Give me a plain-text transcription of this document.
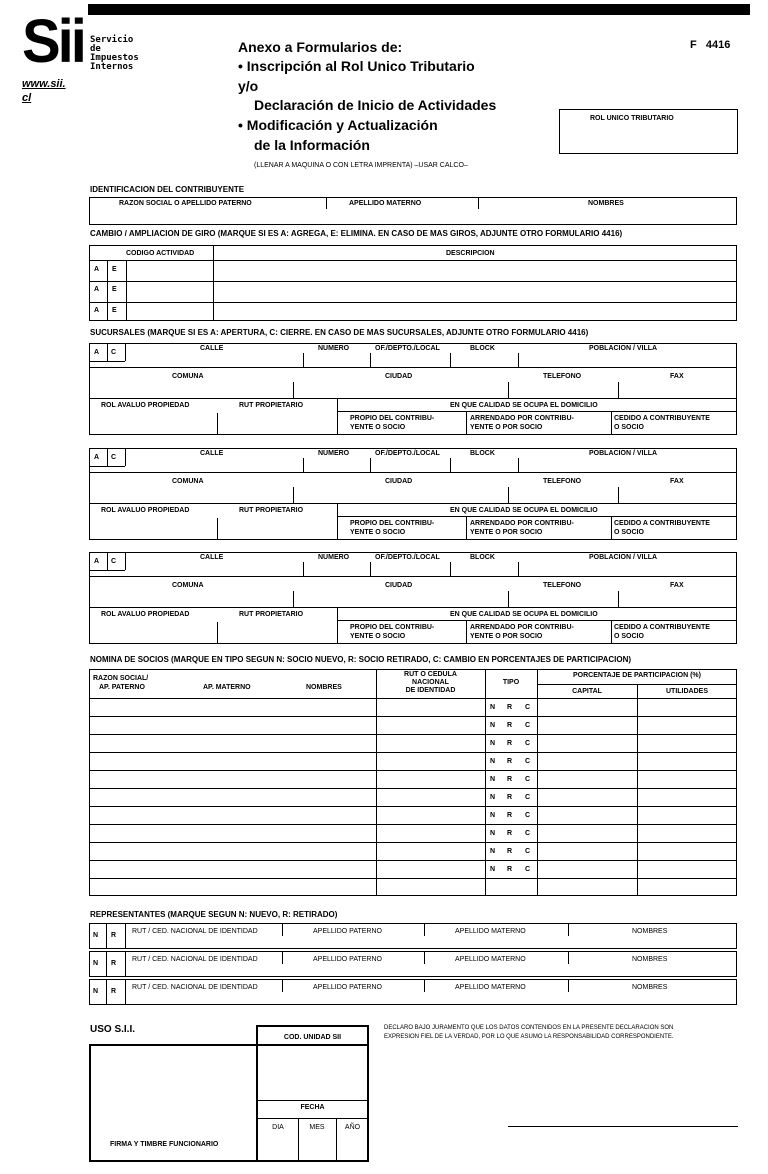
Sii
www.sii.
cl
Servicio
de
Impuestos
Internos
Anexo a Formularios de:
• Inscripción al Rol Unico Tributario
y/o
Declaración de Inicio de Actividades
• Modificación y Actualización
de la Información
(LLENAR A MAQUINA O CON LETRA IMPRENTA) –USAR CALCO–
F   4416
ROL UNICO TRIBUTARIO
IDENTIFICACION DEL CONTRIBUYENTE
RAZON SOCIAL O APELLIDO PATERNO	APELLIDO MATERNO	NOMBRES
CAMBIO / AMPLIACION DE GIRO (MARQUE SI ES A: AGREGA, E: ELIMINA. EN CASO DE MAS GIROS, ADJUNTE OTRO FORMULARIO 4416)
CODIGO ACTIVIDAD	DESCRIPCION
A E
A E
A E
SUCURSALES (MARQUE SI ES A: APERTURA, C: CIERRE. EN CASO DE MAS SUCURSALES, ADJUNTE OTRO FORMULARIO 4416)
A C
CALLE	NUMERO	OF./DEPTO./LOCAL	BLOCK	POBLACION / VILLA
COMUNA	CIUDAD	TELEFONO	FAX
ROL AVALUO PROPIEDAD	RUT PROPIETARIO	EN QUE CALIDAD SE OCUPA EL DOMICILIO
PROPIO DEL CONTRIBU-
YENTE O SOCIO
ARRENDADO POR CONTRIBU-
YENTE O POR SOCIO
CEDIDO A CONTRIBUYENTE
O SOCIO
A C
CALLE	NUMERO	OF./DEPTO./LOCAL	BLOCK	POBLACION / VILLA
COMUNA	CIUDAD	TELEFONO	FAX
ROL AVALUO PROPIEDAD	RUT PROPIETARIO	EN QUE CALIDAD SE OCUPA EL DOMICILIO
PROPIO DEL CONTRIBU-
YENTE O SOCIO
ARRENDADO POR CONTRIBU-
YENTE O POR SOCIO
CEDIDO A CONTRIBUYENTE
O SOCIO
A C
CALLE	NUMERO	OF./DEPTO./LOCAL	BLOCK	POBLACION / VILLA
COMUNA	CIUDAD	TELEFONO	FAX
ROL AVALUO PROPIEDAD	RUT PROPIETARIO	EN QUE CALIDAD SE OCUPA EL DOMICILIO
PROPIO DEL CONTRIBU-
YENTE O SOCIO
ARRENDADO POR CONTRIBU-
YENTE O POR SOCIO
CEDIDO A CONTRIBUYENTE
O SOCIO
NOMINA DE SOCIOS (MARQUE EN TIPO SEGUN N: SOCIO NUEVO, R: SOCIO RETIRADO, C: CAMBIO EN PORCENTAJES DE PARTICIPACION)
RAZON SOCIAL/
AP. PATERNO	AP. MATERNO	NOMBRES
RUT O CEDULA
NACIONAL
DE IDENTIDAD
TIPO
PORCENTAJE DE PARTICIPACION (%)
CAPITAL	UTILIDADES
N R C
N R C
N R C
N R C
N R C
N R C
N R C
N R C
N R C
N R C
REPRESENTANTES (MARQUE SEGUN N: NUEVO, R: RETIRADO)
N R
RUT / CED. NACIONAL DE IDENTIDAD	APELLIDO PATERNO	APELLIDO MATERNO	NOMBRES
N R
RUT / CED. NACIONAL DE IDENTIDAD	APELLIDO PATERNO	APELLIDO MATERNO	NOMBRES
N R
RUT / CED. NACIONAL DE IDENTIDAD	APELLIDO PATERNO	APELLIDO MATERNO	NOMBRES
USO S.I.I.
COD. UNIDAD SII
FECHA
DIA	MES	AÑO
FIRMA Y TIMBRE FUNCIONARIO
DECLARO BAJO JURAMENTO QUE LOS DATOS CONTENIDOS EN LA PRESENTE DECLARACION SON
EXPRESION FIEL DE LA VERDAD, POR LO QUE ASUMO LA RESPONSABILIDAD CORRESPONDIENTE.
